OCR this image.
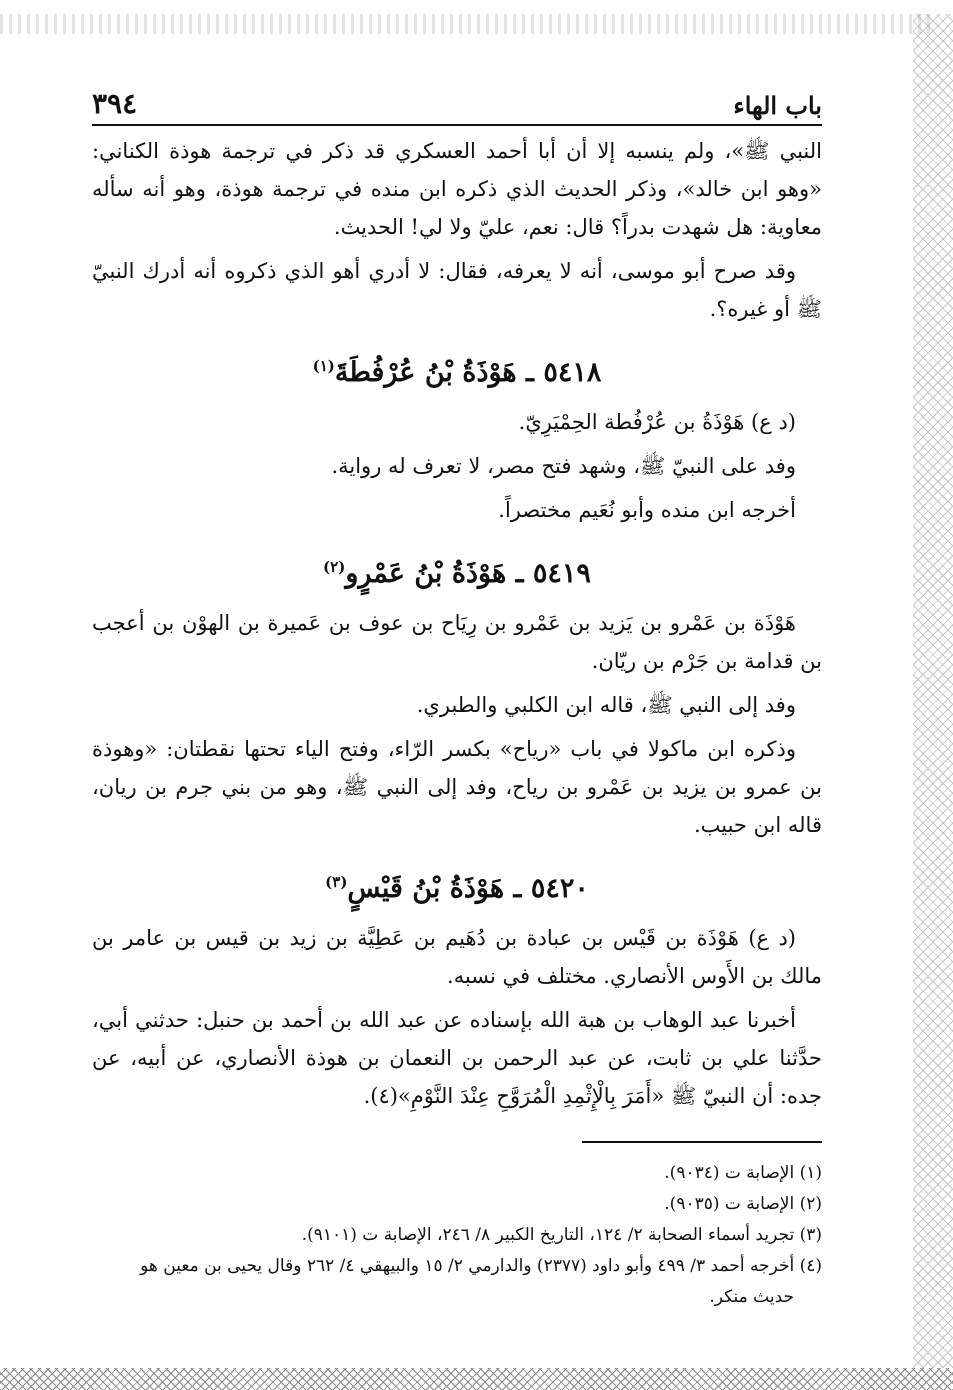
باب الهاء
٣٩٤

النبي ﷺ»، ولم ينسبه إلا أن أبا أحمد العسكري قد ذكر في ترجمة هوذة الكناني: «وهو ابن خالد»، وذكر الحديث الذي ذكره ابن منده في ترجمة هوذة، وهو أنه سأله معاوية: هل شهدت بدراً؟ قال: نعم، عليّ ولا لي! الحديث.

وقد صرح أبو موسى، أنه لا يعرفه، فقال: لا أدري أهو الذي ذكروه أنه أدرك النبيّ ﷺ أو غيره؟.

٥٤١٨ ـ هَوْذَةُ بْنُ عُرْفُطَةَ$^{(١)}$

(د ع) هَوْذَةُ بن عُرْفُطة الحِمْيَرِيّ.

وفد على النبيّ ﷺ، وشهد فتح مصر، لا تعرف له رواية.

أخرجه ابن منده وأبو نُعَيم مختصراً.

٥٤١٩ ـ هَوْذَةُ بْنُ عَمْرٍو$^{(٢)}$

هَوْذَة بن عَمْرو بن يَزيد بن عَمْرو بن رِيَاح بن عوف بن عَميرة بن الهوْن بن أعجب بن قدامة بن جَرْم بن ريّان.

وفد إلى النبي ﷺ، قاله ابن الكلبي والطبري.

وذكره ابن ماكولا في باب «رياح» بكسر الرّاء، وفتح الياء تحتها نقطتان: «وهوذة بن عمرو بن يزيد بن عَمْرو بن رياح، وفد إلى النبي ﷺ، وهو من بني جرم بن ريان، قاله ابن حبيب.

٥٤٢٠ ـ هَوْذَةُ بْنُ قَيْسٍ$^{(٣)}$

(د ع) هَوْذَة بن قَيْس بن عبادة بن دُهَيم بن عَطِيَّة بن زيد بن قيس بن عامر بن مالك بن الأَوس الأنصاري. مختلف في نسبه.

أخبرنا عبد الوهاب بن هبة الله بإسناده عن عبد الله بن أحمد بن حنبل: حدثني أبي، حدَّثنا علي بن ثابت، عن عبد الرحمن بن النعمان بن هوذة الأنصاري، عن أبيه، عن جده: أن النبيّ ﷺ «أَمَرَ بِالْإِثْمِدِ الْمُرَوَّحِ عِنْدَ النَّوْمِ»(٤).

(١) الإصابة ت (٩٠٣٤).
(٢) الإصابة ت (٩٠٣٥).
(٣) تجريد أسماء الصحابة ٢/ ١٢٤، التاريخ الكبير ٨/ ٢٤٦، الإصابة ت (٩١٠١).
(٤) أخرجه أحمد ٣/ ٤٩٩ وأبو داود (٢٣٧٧) والدارمي ٢/ ١٥ والبيهقي ٤/ ٢٦٢ وقال يحيى بن معين هو
حديث منكر.
